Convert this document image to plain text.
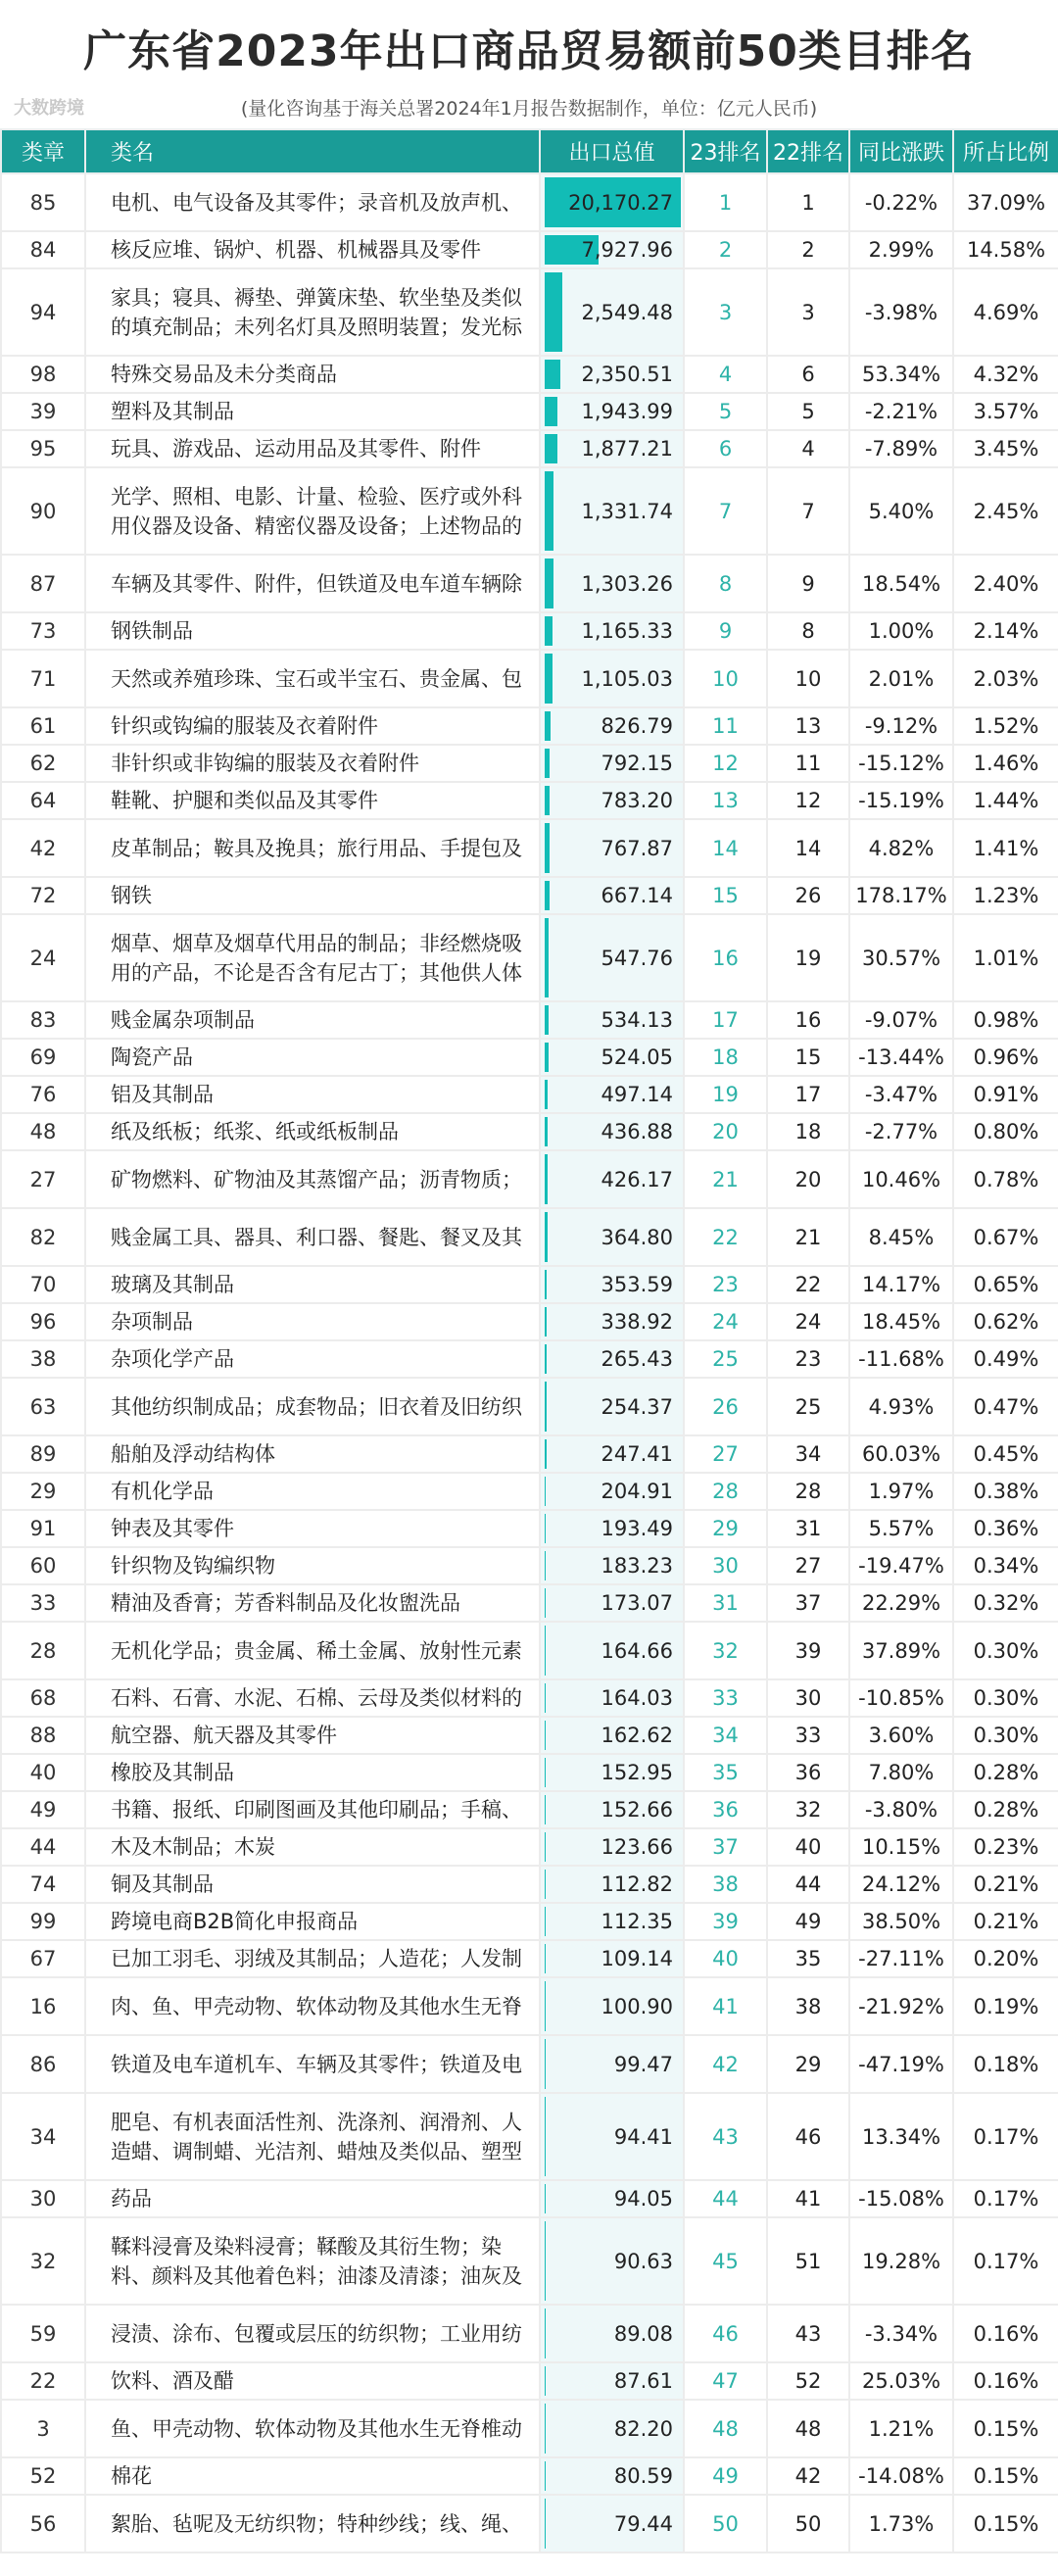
广东省2023年出口商品贸易额前50类目排名
(量化咨询基于海关总署2024年1月报告数据制作，单位：亿元人民币)
大数跨境
类章	类名	出口总值	23排名	22排名	同比涨跌	所占比例
85	电机、电气设备及其零件；录音机及放声机、	20,170.27	1	1	-0.22%	37.09%
84	核反应堆、锅炉、机器、机械器具及零件	7,927.96	2	2	2.99%	14.58%
94	家具；寝具、褥垫、弹簧床垫、软坐垫及类似的填充制品；未列名灯具及照明装置；发光标	2,549.48	3	3	-3.98%	4.69%
98	特殊交易品及未分类商品	2,350.51	4	6	53.34%	4.32%
39	塑料及其制品	1,943.99	5	5	-2.21%	3.57%
95	玩具、游戏品、运动用品及其零件、附件	1,877.21	6	4	-7.89%	3.45%
90	光学、照相、电影、计量、检验、医疗或外科用仪器及设备、精密仪器及设备；上述物品的	1,331.74	7	7	5.40%	2.45%
87	车辆及其零件、附件，但铁道及电车道车辆除	1,303.26	8	9	18.54%	2.40%
73	钢铁制品	1,165.33	9	8	1.00%	2.14%
71	天然或养殖珍珠、宝石或半宝石、贵金属、包	1,105.03	10	10	2.01%	2.03%
61	针织或钩编的服装及衣着附件	826.79	11	13	-9.12%	1.52%
62	非针织或非钩编的服装及衣着附件	792.15	12	11	-15.12%	1.46%
64	鞋靴、护腿和类似品及其零件	783.20	13	12	-15.19%	1.44%
42	皮革制品；鞍具及挽具；旅行用品、手提包及	767.87	14	14	4.82%	1.41%
72	钢铁	667.14	15	26	178.17%	1.23%
24	烟草、烟草及烟草代用品的制品；非经燃烧吸用的产品，不论是否含有尼古丁；其他供人体	547.76	16	19	30.57%	1.01%
83	贱金属杂项制品	534.13	17	16	-9.07%	0.98%
69	陶瓷产品	524.05	18	15	-13.44%	0.96%
76	铝及其制品	497.14	19	17	-3.47%	0.91%
48	纸及纸板；纸浆、纸或纸板制品	436.88	20	18	-2.77%	0.80%
27	矿物燃料、矿物油及其蒸馏产品；沥青物质；	426.17	21	20	10.46%	0.78%
82	贱金属工具、器具、利口器、餐匙、餐叉及其	364.80	22	21	8.45%	0.67%
70	玻璃及其制品	353.59	23	22	14.17%	0.65%
96	杂项制品	338.92	24	24	18.45%	0.62%
38	杂项化学产品	265.43	25	23	-11.68%	0.49%
63	其他纺织制成品；成套物品；旧衣着及旧纺织	254.37	26	25	4.93%	0.47%
89	船舶及浮动结构体	247.41	27	34	60.03%	0.45%
29	有机化学品	204.91	28	28	1.97%	0.38%
91	钟表及其零件	193.49	29	31	5.57%	0.36%
60	针织物及钩编织物	183.23	30	27	-19.47%	0.34%
33	精油及香膏；芳香料制品及化妆盥洗品	173.07	31	37	22.29%	0.32%
28	无机化学品；贵金属、稀土金属、放射性元素	164.66	32	39	37.89%	0.30%
68	石料、石膏、水泥、石棉、云母及类似材料的	164.03	33	30	-10.85%	0.30%
88	航空器、航天器及其零件	162.62	34	33	3.60%	0.30%
40	橡胶及其制品	152.95	35	36	7.80%	0.28%
49	书籍、报纸、印刷图画及其他印刷品；手稿、	152.66	36	32	-3.80%	0.28%
44	木及木制品；木炭	123.66	37	40	10.15%	0.23%
74	铜及其制品	112.82	38	44	24.12%	0.21%
99	跨境电商B2B简化申报商品	112.35	39	49	38.50%	0.21%
67	已加工羽毛、羽绒及其制品；人造花；人发制	109.14	40	35	-27.11%	0.20%
16	肉、鱼、甲壳动物、软体动物及其他水生无脊	100.90	41	38	-21.92%	0.19%
86	铁道及电车道机车、车辆及其零件；铁道及电	99.47	42	29	-47.19%	0.18%
34	肥皂、有机表面活性剂、洗涤剂、润滑剂、人造蜡、调制蜡、光洁剂、蜡烛及类似品、塑型	94.41	43	46	13.34%	0.17%
30	药品	94.05	44	41	-15.08%	0.17%
32	鞣料浸膏及染料浸膏；鞣酸及其衍生物；染料、颜料及其他着色料；油漆及清漆；油灰及	90.63	45	51	19.28%	0.17%
59	浸渍、涂布、包覆或层压的纺织物；工业用纺	89.08	46	43	-3.34%	0.16%
22	饮料、酒及醋	87.61	47	52	25.03%	0.16%
3	鱼、甲壳动物、软体动物及其他水生无脊椎动	82.20	48	48	1.21%	0.15%
52	棉花	80.59	49	42	-14.08%	0.15%
56	絮胎、毡呢及无纺织物；特种纱线；线、绳、	79.44	50	50	1.73%	0.15%
